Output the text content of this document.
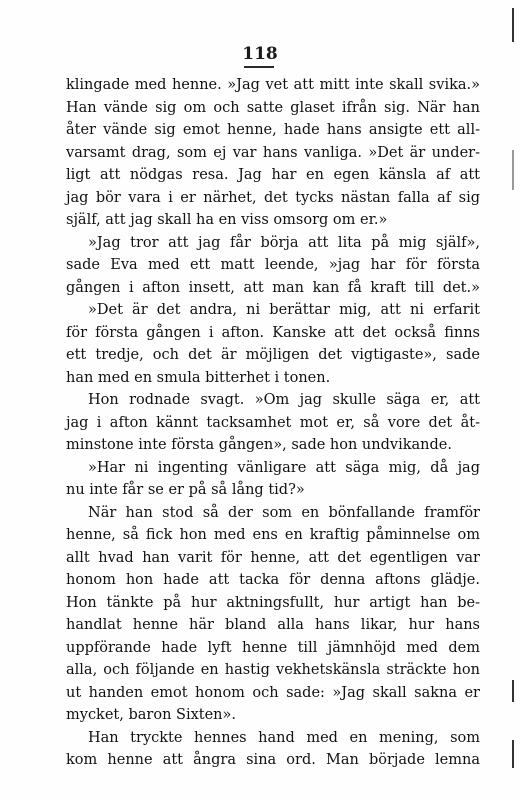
118
klingade med henne. »Jag vet att mitt inte skall svika.»
Han vände sig om och satte glaset ifrån sig. När han
åter vände sig emot henne, hade hans ansigte ett all-
varsamt drag, som ej var hans vanliga. »Det är under-
ligt att nödgas resa. Jag har en egen känsla af att
jag bör vara i er närhet, det tycks nästan falla af sig
själf, att jag skall ha en viss omsorg om er.»
»Jag tror att jag får börja att lita på mig själf»,
sade Eva med ett matt leende, »jag har för första
gången i afton insett, att man kan få kraft till det.»
»Det är det andra, ni berättar mig, att ni erfarit
för första gången i afton. Kanske att det också finns
ett tredje, och det är möjligen det vigtigaste», sade
han med en smula bitterhet i tonen.
Hon rodnade svagt. »Om jag skulle säga er, att
jag i afton kännt tacksamhet mot er, så vore det åt-
minstone inte första gången», sade hon undvikande.
»Har ni ingenting vänligare att säga mig, då jag
nu inte får se er på så lång tid?»
När han stod så der som en bönfallande framför
henne, så fick hon med ens en kraftig påminnelse om
allt hvad han varit för henne, att det egentligen var
honom hon hade att tacka för denna aftons glädje.
Hon tänkte på hur aktningsfullt, hur artigt han be-
handlat henne här bland alla hans likar, hur hans
uppförande hade lyft henne till jämnhöjd med dem
alla, och följande en hastig vekhetskänsla sträckte hon
ut handen emot honom och sade: »Jag skall sakna er
mycket, baron Sixten».
Han tryckte hennes hand med en mening, som
kom henne att ångra sina ord. Man började lemna
